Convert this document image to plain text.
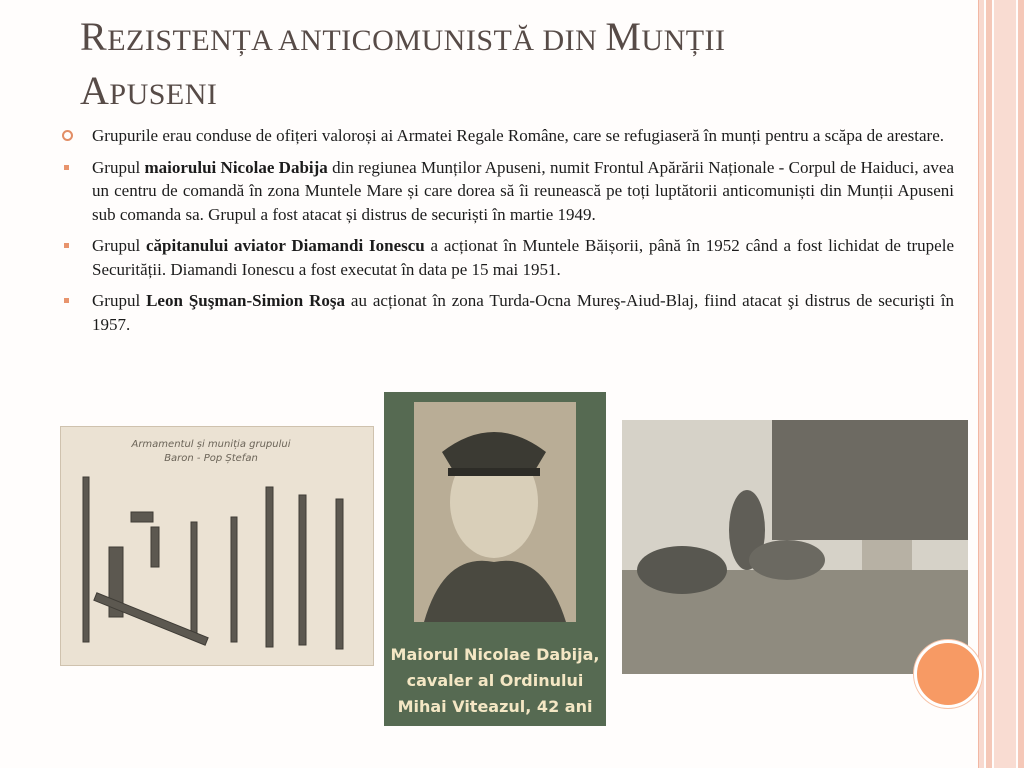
REZISTENȚA ANTICOMUNISTĂ DIN MUNȚII
APUSENI
Grupurile erau conduse de ofițeri valoroși ai Armatei Regale Române, care se refugiaseră în munți pentru a scăpa de arestare.
Grupul maiorului Nicolae Dabija din regiunea Munților Apuseni, numit Frontul Apărării Naționale - Corpul de Haiduci, avea un centru de comandă în zona Muntele Mare și care dorea să îi reunească pe toți luptătorii anticomuniști din Munții Apuseni sub comanda sa. Grupul a fost atacat și distrus de securiști în martie 1949.
Grupul căpitanului aviator Diamandi Ionescu a acționat în Muntele Băișorii, până în 1952 când a fost lichidat de trupele Securității. Diamandi Ionescu a fost executat în data pe 15 mai 1951.
Grupul Leon Şuşman-Simion Roşa au acționat în zona Turda-Ocna Mureş-Aiud-Blaj, fiind atacat şi distrus de securişti în 1957.
Armamentul și muniția grupului
Baron - Pop Ștefan
Maiorul Nicolae Dabija, cavaler al Ordinului Mihai Viteazul, 42 ani
